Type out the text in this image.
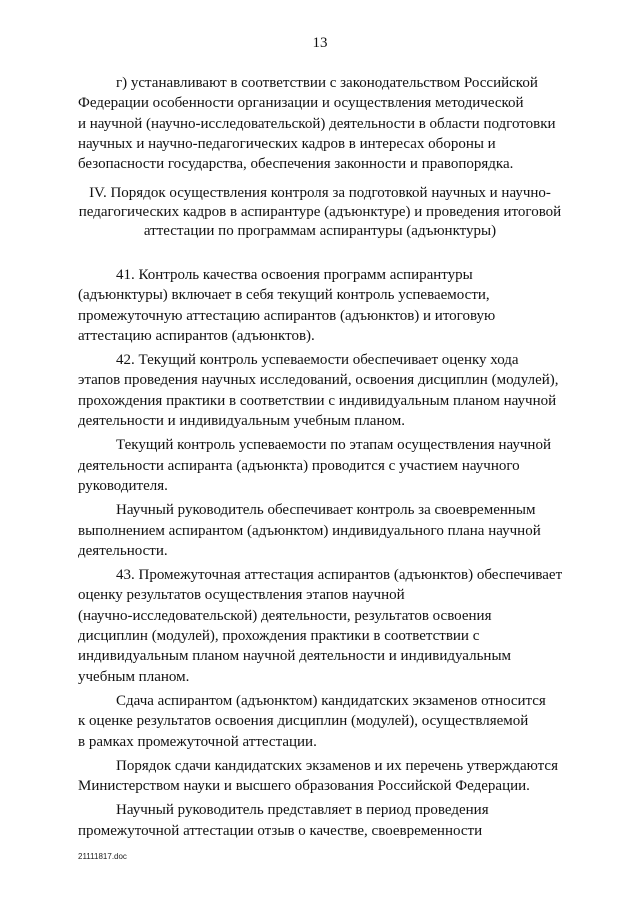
13

г) устанавливают в соответствии с законодательством Российской
Федерации особенности организации и осуществления методической
и научной (научно-исследовательской) деятельности в области подготовки
научных и научно-педагогических кадров в интересах обороны и
безопасности государства, обеспечения законности и правопорядка.

IV. Порядок осуществления контроля за подготовкой научных и научно-
педагогических кадров в аспирантуре (адъюнктуре) и проведения итоговой
аттестации по программам аспирантуры (адъюнктуры)

41. Контроль качества освоения программ аспирантуры
(адъюнктуры) включает в себя текущий контроль успеваемости,
промежуточную аттестацию аспирантов (адъюнктов) и итоговую
аттестацию аспирантов (адъюнктов).

42. Текущий контроль успеваемости обеспечивает оценку хода
этапов проведения научных исследований, освоения дисциплин (модулей),
прохождения практики в соответствии с индивидуальным планом научной
деятельности и индивидуальным учебным планом.

Текущий контроль успеваемости по этапам осуществления научной
деятельности аспиранта (адъюнкта) проводится с участием научного
руководителя.

Научный руководитель обеспечивает контроль за своевременным
выполнением аспирантом (адъюнктом) индивидуального плана научной
деятельности.

43. Промежуточная аттестация аспирантов (адъюнктов) обеспечивает
оценку результатов осуществления этапов научной
(научно-исследовательской) деятельности, результатов освоения
дисциплин (модулей), прохождения практики в соответствии с
индивидуальным планом научной деятельности и индивидуальным
учебным планом.

Сдача аспирантом (адъюнктом) кандидатских экзаменов относится
к оценке результатов освоения дисциплин (модулей), осуществляемой
в рамках промежуточной аттестации.

Порядок сдачи кандидатских экзаменов и их перечень утверждаются
Министерством науки и высшего образования Российской Федерации.

Научный руководитель представляет в период проведения
промежуточной аттестации отзыв о качестве, своевременности

21111817.doc
